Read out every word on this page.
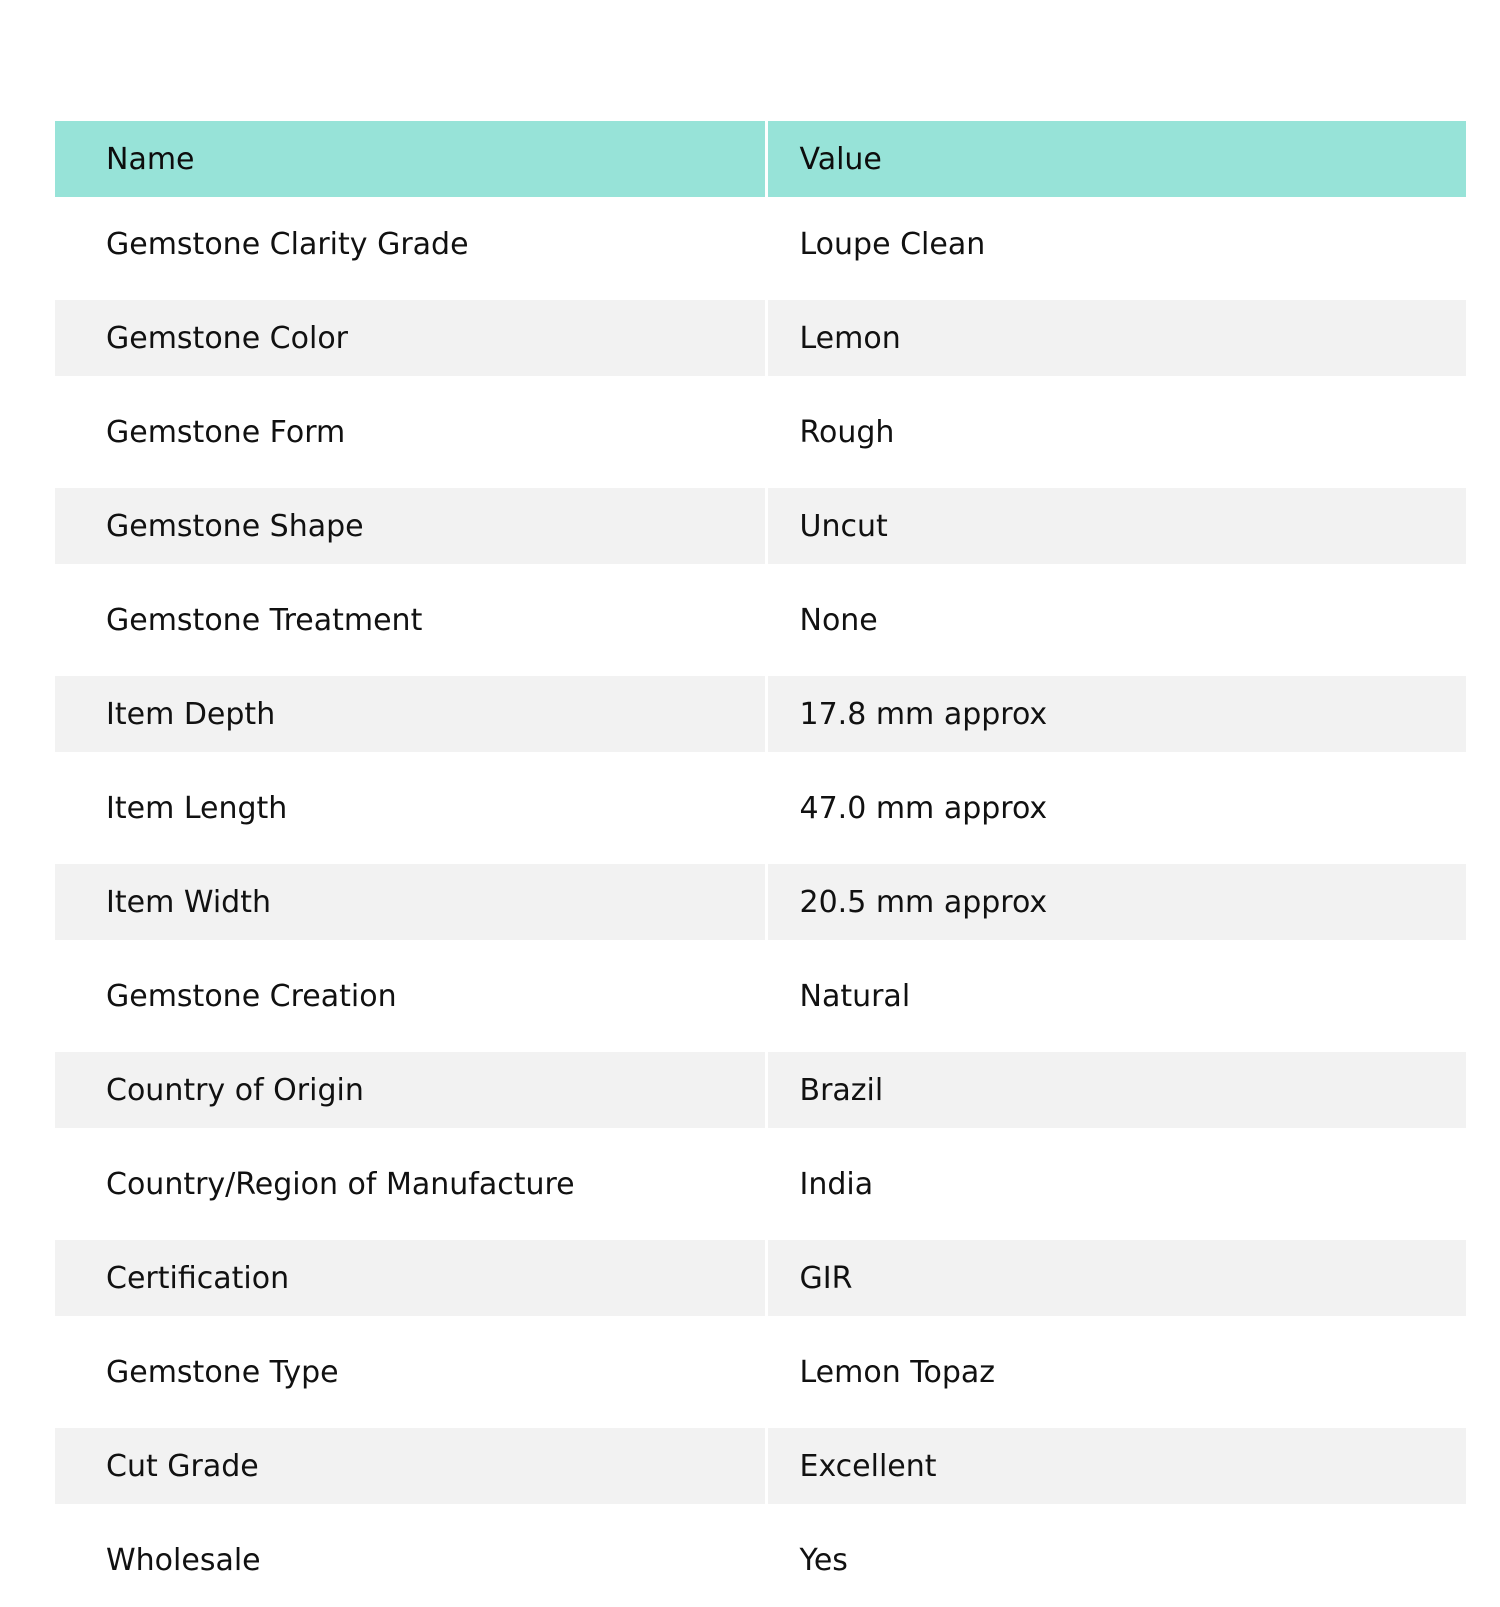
Name	Value
Gemstone Clarity Grade	Loupe Clean
Gemstone Color	Lemon
Gemstone Form	Rough
Gemstone Shape	Uncut
Gemstone Treatment	None
Item Depth	17.8 mm approx
Item Length	47.0 mm approx
Item Width	20.5 mm approx
Gemstone Creation	Natural
Country of Origin	Brazil
Country/Region of Manufacture	India
Certification	GIR
Gemstone Type	Lemon Topaz
Cut Grade	Excellent
Wholesale	Yes
